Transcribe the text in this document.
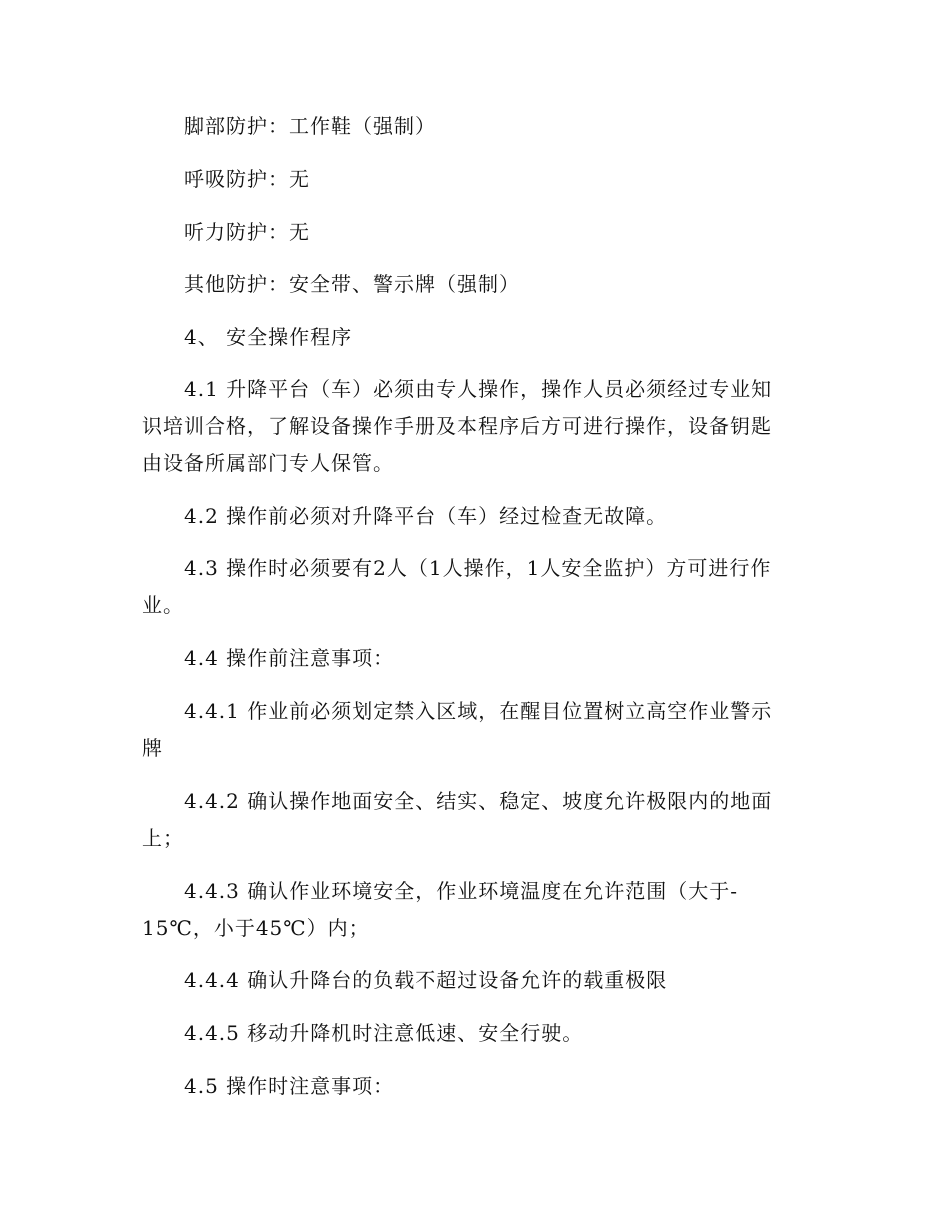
脚部防护：工作鞋（强制）
呼吸防护：无
听力防护：无
其他防护：安全带、警示牌（强制）
4、 安全操作程序
4.1 升降平台（车）必须由专人操作，操作人员必须经过专业知
识培训合格，了解设备操作手册及本程序后方可进行操作，设备钥匙
由设备所属部门专人保管。
4.2 操作前必须对升降平台（车）经过检查无故障。
4.3 操作时必须要有2人（1人操作，1人安全监护）方可进行作
业。
4.4 操作前注意事项：
4.4.1 作业前必须划定禁入区域，在醒目位置树立高空作业警示
牌
4.4.2 确认操作地面安全、结实、稳定、坡度允许极限内的地面
上；
4.4.3 确认作业环境安全，作业环境温度在允许范围（大于-
15℃，小于45℃）内；
4.4.4 确认升降台的负载不超过设备允许的载重极限
4.4.5 移动升降机时注意低速、安全行驶。
4.5 操作时注意事项：
